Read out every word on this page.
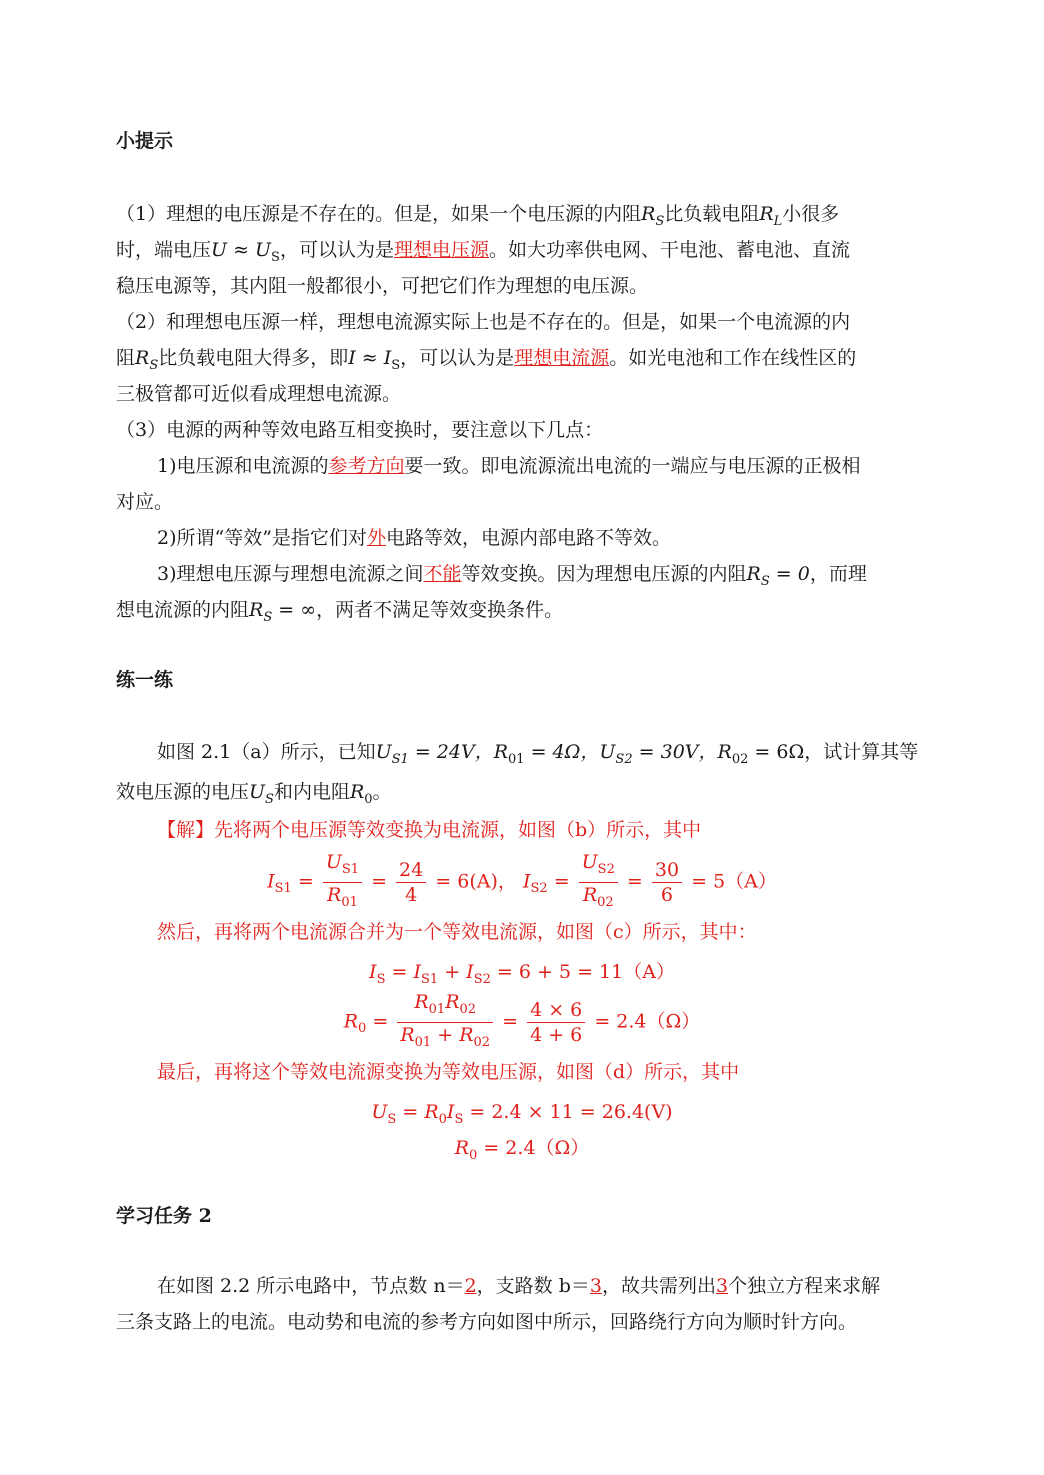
小提示
（1）理想的电压源是不存在的。但是，如果一个电压源的内阻$R_S$比负载电阻$R_L$小很多
时，端电压$U \approx U_S$，可以认为是理想电压源。如大功率供电网、干电池、蓄电池、直流
稳压电源等，其内阻一般都很小，可把它们作为理想的电压源。
（2）和理想电压源一样，理想电流源实际上也是不存在的。但是，如果一个电流源的内
阻$R_S$比负载电阻大得多，即$I \approx I_S$，可以认为是理想电流源。如光电池和工作在线性区的
三极管都可近似看成理想电流源。
（3）电源的两种等效电路互相变换时，要注意以下几点：
1)电压源和电流源的参考方向要一致。即电流源流出电流的一端应与电压源的正极相
对应。
2)所谓“等效”是指它们对外电路等效，电源内部电路不等效。
3)理想电压源与理想电流源之间不能等效变换。因为理想电压源的内阻$R_S = 0$，而理
想电流源的内阻$R_S$ = ∞，两者不满足等效变换条件。
练一练
如图 2.1（a）所示，已知$U_{S1} = 24V$，$R_{01} = 4\Omega$，$U_{S2} = 30V$，$R_{02} = 6\Omega$，试计算其等
效电压源的电压$U_S$和内电阻$R_0$。
【解】先将两个电压源等效变换为电流源，如图（b）所示，其中
$I_{S1} = \frac{U_{S1}}{R_{01}} = \frac{24}{4} = 6(A)$， $I_{S2} = \frac{U_{S2}}{R_{02}} = \frac{30}{6} = 5(A)$
然后，再将两个电流源合并为一个等效电流源，如图（c）所示，其中：
$I_S = I_{S1} + I_{S2} = 6 + 5 = 11(A)$
$R_0 = \frac{R_{01}R_{02}}{R_{01} + R_{02}} = \frac{4 \times 6}{4 + 6} = 2.4(\Omega)$
最后，再将这个等效电流源变换为等效电压源，如图（d）所示，其中
$U_S = R_0I_S = 2.4 \times 11 = 26.4(V)$
$R_0 = 2.4(\Omega)$
学习任务 2
在如图 2.2 所示电路中，节点数 n＝2，支路数 b＝3，故共需列出3个独立方程来求解
三条支路上的电流。电动势和电流的参考方向如图中所示，回路绕行方向为顺时针方向。
